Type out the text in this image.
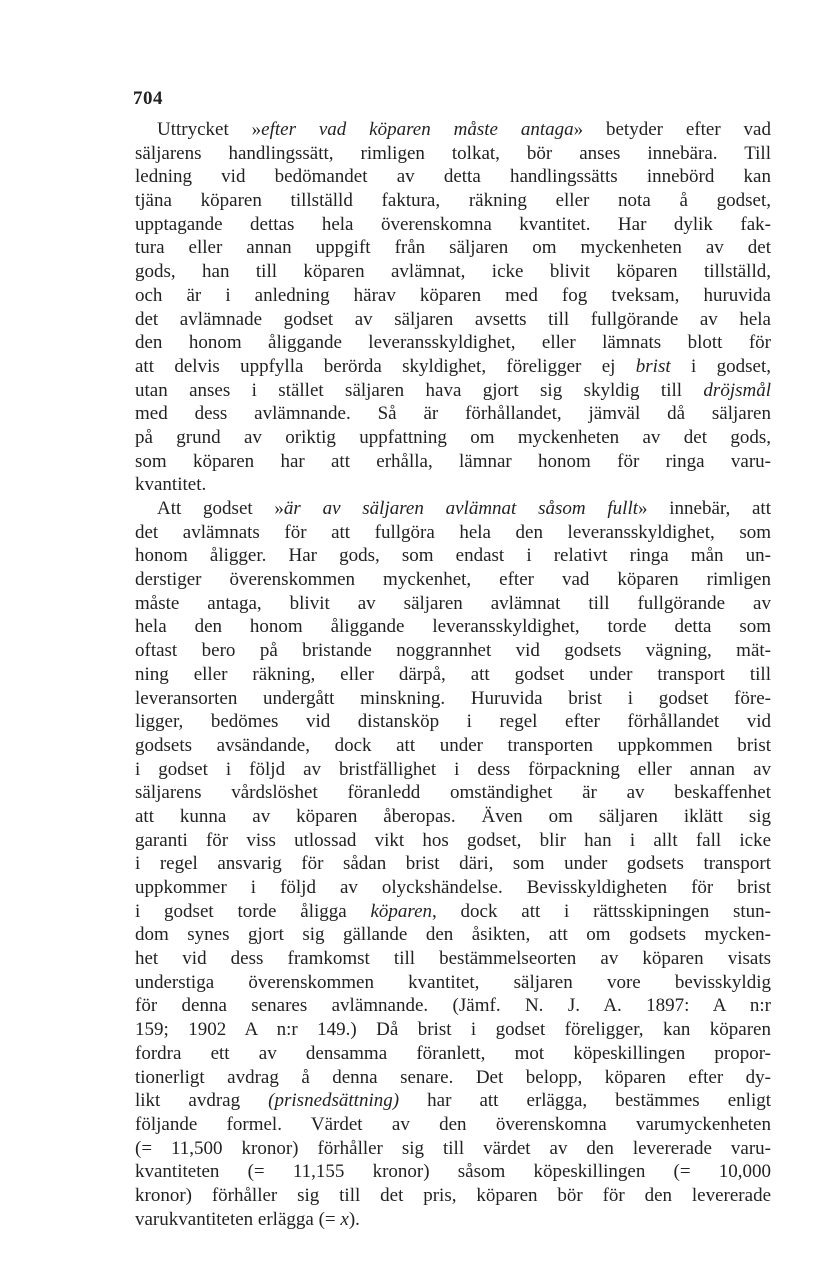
704
Uttrycket »efter vad köparen måste antaga» betyder efter vad
säljarens handlingssätt, rimligen tolkat, bör anses innebära. Till
ledning vid bedömandet av detta handlingssätts innebörd kan
tjäna köparen tillställd faktura, räkning eller nota å godset,
upptagande dettas hela överenskomna kvantitet. Har dylik fak-
tura eller annan uppgift från säljaren om myckenheten av det
gods, han till köparen avlämnat, icke blivit köparen tillställd,
och är i anledning härav köparen med fog tveksam, huruvida
det avlämnade godset av säljaren avsetts till fullgörande av hela
den honom åliggande leveransskyldighet, eller lämnats blott för
att delvis uppfylla berörda skyldighet, föreligger ej brist i godset,
utan anses i stället säljaren hava gjort sig skyldig till dröjsmål
med dess avlämnande. Så är förhållandet, jämväl då säljaren
på grund av oriktig uppfattning om myckenheten av det gods,
som köparen har att erhålla, lämnar honom för ringa varu-
kvantitet.
Att godset »är av säljaren avlämnat såsom fullt» innebär, att
det avlämnats för att fullgöra hela den leveransskyldighet, som
honom åligger. Har gods, som endast i relativt ringa mån un-
derstiger överenskommen myckenhet, efter vad köparen rimligen
måste antaga, blivit av säljaren avlämnat till fullgörande av
hela den honom åliggande leveransskyldighet, torde detta som
oftast bero på bristande noggrannhet vid godsets vägning, mät-
ning eller räkning, eller därpå, att godset under transport till
leveransorten undergått minskning. Huruvida brist i godset före-
ligger, bedömes vid distansköp i regel efter förhållandet vid
godsets avsändande, dock att under transporten uppkommen brist
i godset i följd av bristfällighet i dess förpackning eller annan av
säljarens vårdslöshet föranledd omständighet är av beskaffenhet
att kunna av köparen åberopas. Även om säljaren iklätt sig
garanti för viss utlossad vikt hos godset, blir han i allt fall icke
i regel ansvarig för sådan brist däri, som under godsets transport
uppkommer i följd av olyckshändelse. Bevisskyldigheten för brist
i godset torde åligga köparen, dock att i rättsskipningen stun-
dom synes gjort sig gällande den åsikten, att om godsets mycken-
het vid dess framkomst till bestämmelseorten av köparen visats
understiga överenskommen kvantitet, säljaren vore bevisskyldig
för denna senares avlämnande. (Jämf. N. J. A. 1897: A n:r
159; 1902 A n:r 149.) Då brist i godset föreligger, kan köparen
fordra ett av densamma föranlett, mot köpeskillingen propor-
tionerligt avdrag å denna senare. Det belopp, köparen efter dy-
likt avdrag (prisnedsättning) har att erlägga, bestämmes enligt
följande formel. Värdet av den överenskomna varumyckenheten
(= 11,500 kronor) förhåller sig till värdet av den levererade varu-
kvantiteten (= 11,155 kronor) såsom köpeskillingen (= 10,000
kronor) förhåller sig till det pris, köparen bör för den levererade
varukvantiteten erlägga (= x).
